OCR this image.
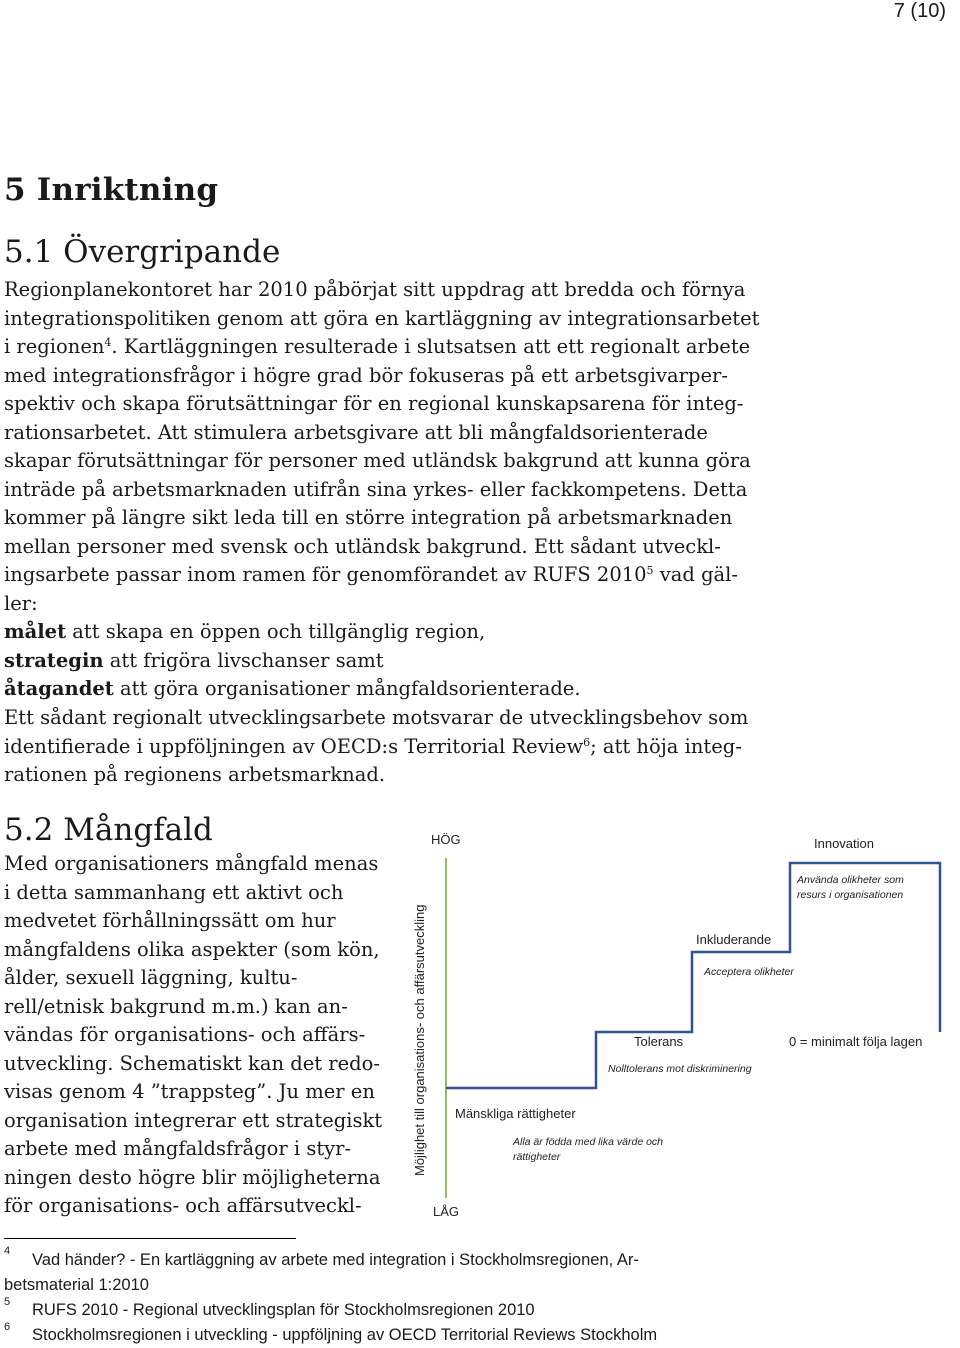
7 (10)
5 Inriktning
5.1 Övergripande
Regionplanekontoret har 2010 påbörjat sitt uppdrag att bredda och förnya
integrationspolitiken genom att göra en kartläggning av integrationsarbetet
i regionen$^4$. Kartläggningen resulterade i slutsatsen att ett regionalt arbete
med integrationsfrågor i högre grad bör fokuseras på ett arbetsgivarper-
spektiv och skapa förutsättningar för en regional kunskapsarena för integ-
rationsarbetet. Att stimulera arbetsgivare att bli mångfaldsorienterade
skapar förutsättningar för personer med utländsk bakgrund att kunna göra
inträde på arbetsmarknaden utifrån sina yrkes- eller fackkompetens. Detta
kommer på längre sikt leda till en större integration på arbetsmarknaden
mellan personer med svensk och utländsk bakgrund. Ett sådant utveckl-
ingsarbete passar inom ramen för genomförandet av RUFS 2010$^5$ vad gäl-
ler:
målet att skapa en öppen och tillgänglig region,
strategin att frigöra livschanser samt
åtagandet att göra organisationer mångfaldsorienterade.
Ett sådant regionalt utvecklingsarbete motsvarar de utvecklingsbehov som
identifierade i uppföljningen av OECD:s Territorial Review$^6$; att höja integ-
rationen på regionens arbetsmarknad.
5.2 Mångfald
Med organisationers mångfald menas
i detta sammanhang ett aktivt och
medvetet förhållningssätt om hur
mångfaldens olika aspekter (som kön,
ålder, sexuell läggning, kultu-
rell/etnisk bakgrund m.m.) kan an-
vändas för organisations- och affärs-
utveckling. Schematiskt kan det redo-
visas genom 4 ”trappsteg”. Ju mer en
organisation integrerar ett strategiskt
arbete med mångfaldsfrågor i styr-
ningen desto högre blir möjligheterna
för organisations- och affärsutveckl-
Möjlighet till organisations- och affärsutveckling
HÖG
LÅG
Mänskliga rättigheter
Alla är födda med lika värde och rättigheter
Tolerans
Nolltolerans mot diskriminering
Inkluderande
Acceptera olikheter
Innovation
Använda olikheter som resurs i organisationen
0 = minimalt följa lagen
4 Vad händer? - En kartläggning av arbete med integration i Stockholmsregionen, Ar-
betsmaterial 1:2010
5 RUFS 2010 - Regional utvecklingsplan för Stockholmsregionen 2010
6 Stockholmsregionen i utveckling - uppföljning av OECD Territorial Reviews Stockholm
